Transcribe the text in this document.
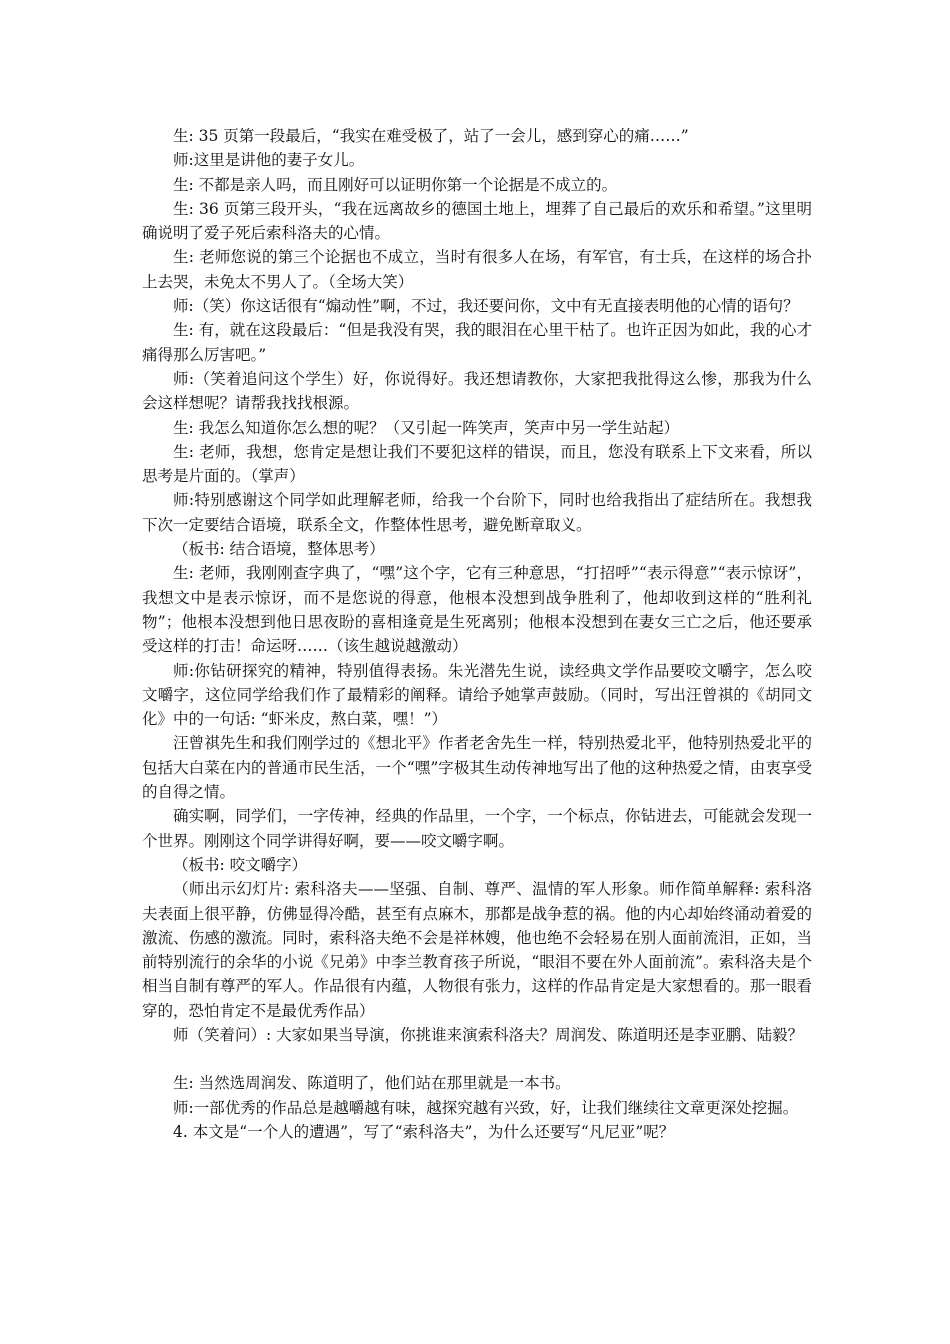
生: 35 页第一段最后，“我实在难受极了，站了一会儿，感到穿心的痛……”

师:这里是讲他的妻子女儿。

生: 不都是亲人吗，而且刚好可以证明你第一个论据是不成立的。

生: 36 页第三段开头，“我在远离故乡的德国土地上，埋葬了自己最后的欢乐和希望。”这里明确说明了爱子死后索科洛夫的心情。

生: 老师您说的第三个论据也不成立，当时有很多人在场，有军官，有士兵，在这样的场合扑上去哭，未免太不男人了。（全场大笑）

师:（笑）你这话很有“煽动性”啊，不过，我还要问你，文中有无直接表明他的心情的语句？

生: 有，就在这段最后：“但是我没有哭，我的眼泪在心里干枯了。也许正因为如此，我的心才痛得那么厉害吧。”

师:（笑着追问这个学生）好，你说得好。我还想请教你，大家把我批得这么惨，那我为什么会这样想呢？请帮我找找根源。

生: 我怎么知道你怎么想的呢？（又引起一阵笑声，笑声中另一学生站起）

生: 老师，我想，您肯定是想让我们不要犯这样的错误，而且，您没有联系上下文来看，所以思考是片面的。（掌声）

师:特别感谢这个同学如此理解老师，给我一个台阶下，同时也给我指出了症结所在。我想我下次一定要结合语境，联系全文，作整体性思考，避免断章取义。

（板书: 结合语境，整体思考）

生: 老师，我刚刚查字典了，“嘿”这个字，它有三种意思，“打招呼”“表示得意”“表示惊讶”，我想文中是表示惊讶，而不是您说的得意，他根本没想到战争胜利了，他却收到这样的“胜利礼物”；他根本没想到他日思夜盼的喜相逢竟是生死离别；他根本没想到在妻女三亡之后，他还要承受这样的打击！命运呀……（该生越说越激动）

师:你钻研探究的精神，特别值得表扬。朱光潜先生说，读经典文学作品要咬文嚼字，怎么咬文嚼字，这位同学给我们作了最精彩的阐释。请给予她掌声鼓励。（同时，写出汪曾祺的《胡同文化》中的一句话: “虾米皮，熬白菜，嘿！”）

汪曾祺先生和我们刚学过的《想北平》作者老舍先生一样，特别热爱北平，他特别热爱北平的包括大白菜在内的普通市民生活，一个“嘿”字极其生动传神地写出了他的这种热爱之情，由衷享受的自得之情。

确实啊，同学们，一字传神，经典的作品里，一个字，一个标点，你钻进去，可能就会发现一个世界。刚刚这个同学讲得好啊，要——咬文嚼字啊。

（板书: 咬文嚼字）

（师出示幻灯片: 索科洛夫——坚强、自制、尊严、温情的军人形象。师作简单解释: 索科洛夫表面上很平静，仿佛显得冷酷，甚至有点麻木，那都是战争惹的祸。他的内心却始终涌动着爱的激流、伤感的激流。同时，索科洛夫绝不会是祥林嫂，他也绝不会轻易在别人面前流泪，正如，当前特别流行的余华的小说《兄弟》中李兰教育孩子所说，“眼泪不要在外人面前流”。索科洛夫是个相当自制有尊严的军人。作品很有内蕴，人物很有张力，这样的作品肯定是大家想看的。那一眼看穿的，恐怕肯定不是最优秀作品）

师（笑着问）: 大家如果当导演，你挑谁来演索科洛夫？周润发、陈道明还是李亚鹏、陆毅？

生: 当然选周润发、陈道明了，他们站在那里就是一本书。

师:一部优秀的作品总是越嚼越有味，越探究越有兴致，好，让我们继续往文章更深处挖掘。

4. 本文是“一个人的遭遇”，写了“索科洛夫”，为什么还要写“凡尼亚”呢？
